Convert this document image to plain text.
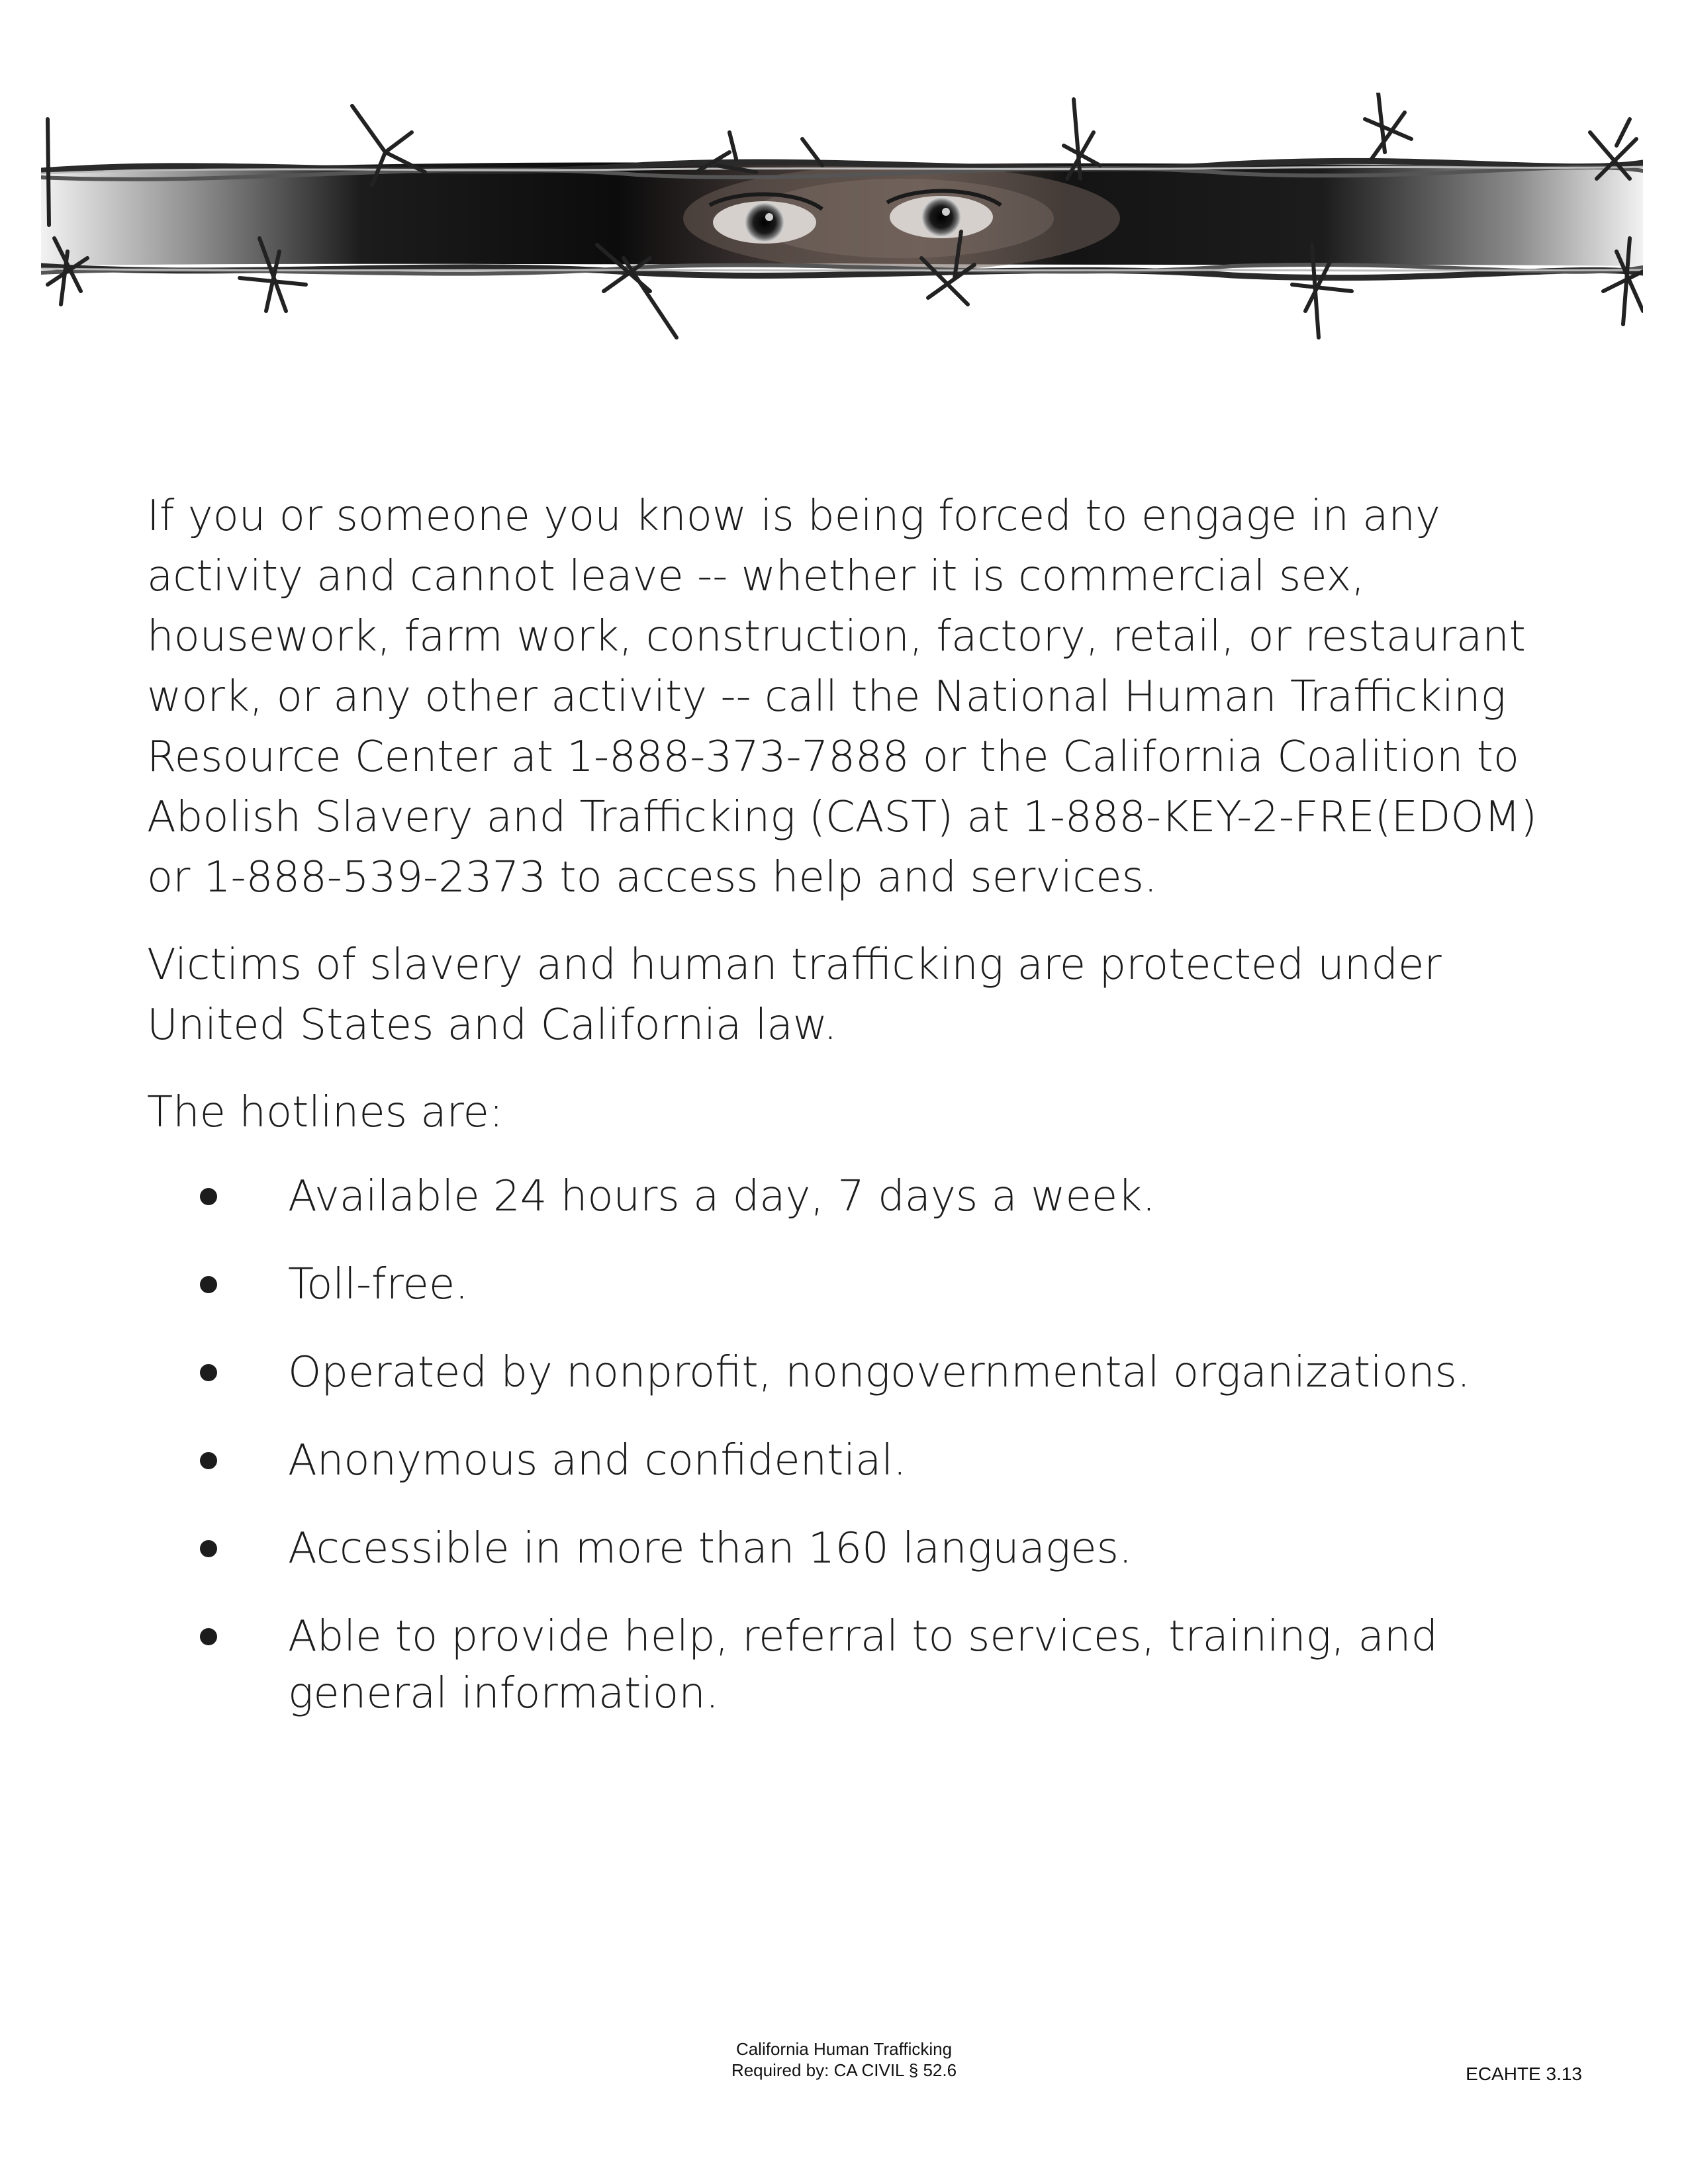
If you or someone you know is being forced to engage in any activity and cannot leave -- whether it is commercial sex, housework, farm work, construction, factory, retail, or restaurant work, or any other activity -- call the National Human Trafficking Resource Center at 1-888-373-7888 or the California Coalition to Abolish Slavery and Trafficking (CAST) at 1-888-KEY-2-FRE(EDOM) or 1-888-539-2373 to access help and services.

Victims of slavery and human trafficking are protected under United States and California law.

The hotlines are:

Available 24 hours a day, 7 days a week.
Toll-free.
Operated by nonprofit, nongovernmental organizations.
Anonymous and confidential.
Accessible in more than 160 languages.
Able to provide help, referral to services, training, and general information.
California Human Trafficking
Required by: CA CIVIL § 52.6	ECAHTE 3.13
